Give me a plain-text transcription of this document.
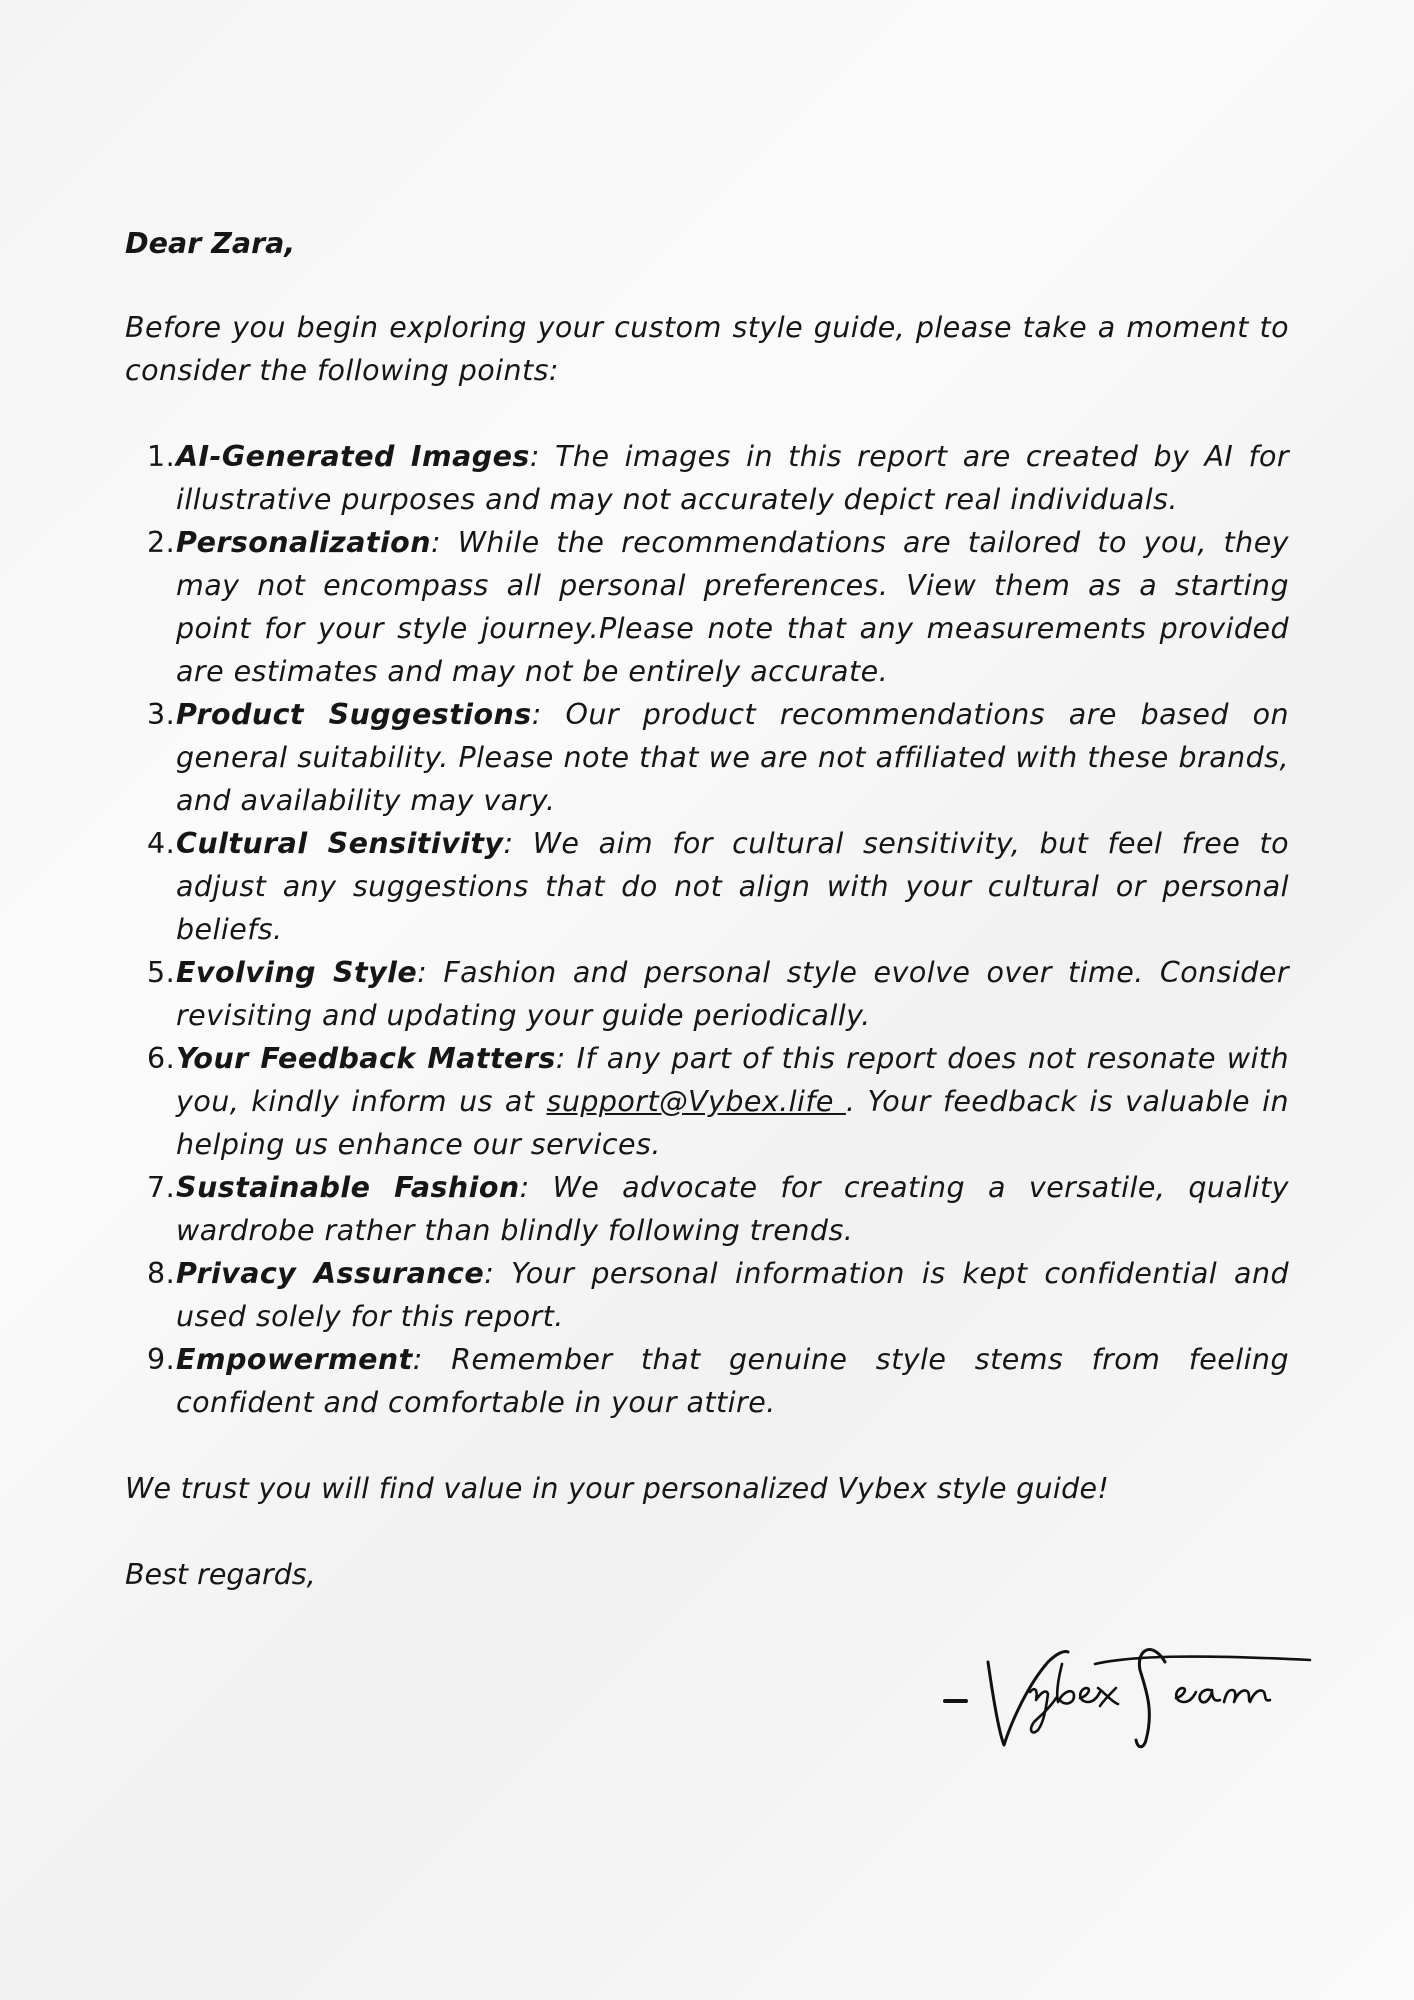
Dear Zara,

Before you begin exploring your custom style guide, please take a moment to consider the following points:

1. AI-Generated Images: The images in this report are created by AI for illustrative purposes and may not accurately depict real individuals.
2. Personalization: While the recommendations are tailored to you, they may not encompass all personal preferences. View them as a starting point for your style journey.Please note that any measurements provided are estimates and may not be entirely accurate.
3. Product Suggestions: Our product recommendations are based on general suitability. Please note that we are not affiliated with these brands, and availability may vary.
4. Cultural Sensitivity: We aim for cultural sensitivity, but feel free to adjust any suggestions that do not align with your cultural or personal beliefs.
5. Evolving Style: Fashion and personal style evolve over time. Consider revisiting and updating your guide periodically.
6. Your Feedback Matters: If any part of this report does not resonate with you, kindly inform us at support@Vybex.life . Your feedback is valuable in helping us enhance our services.
7. Sustainable Fashion: We advocate for creating a versatile, quality wardrobe rather than blindly following trends.
8. Privacy Assurance: Your personal information is kept confidential and used solely for this report.
9. Empowerment: Remember that genuine style stems from feeling confident and comfortable in your attire.

We trust you will find value in your personalized Vybex style guide!

Best regards,
